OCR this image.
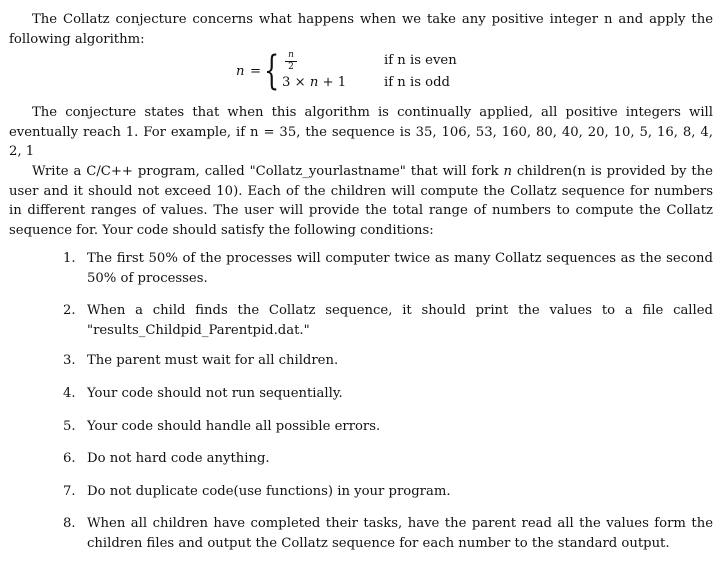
The Collatz conjecture concerns what happens when we take any positive integer n and apply the following algorithm:

n = { n
2
3 × n + 1
if n is even
if n is odd

The conjecture states that when this algorithm is continually applied, all positive integers will eventually reach 1. For example, if n = 35, the sequence is 35, 106, 53, 160, 80, 40, 20, 10, 5, 16, 8, 4, 2, 1

Write a C/C++ program, called "Collatz_yourlastname" that will fork n children(n is provided by the user and it should not exceed 10). Each of the children will compute the Collatz sequence for numbers in different ranges of values. The user will provide the total range of numbers to compute the Collatz sequence for. Your code should satisfy the following conditions:

1. The first 50% of the processes will computer twice as many Collatz sequences as the second 50% of processes.
2. When a child finds the Collatz sequence, it should print the values to a file called "results_Childpid_Parentpid.dat."
3. The parent must wait for all children.
4. Your code should not run sequentially.
5. Your code should handle all possible errors.
6. Do not hard code anything.
7. Do not duplicate code(use functions) in your program.
8. When all children have completed their tasks, have the parent read all the values form the children files and output the Collatz sequence for each number to the standard output.
